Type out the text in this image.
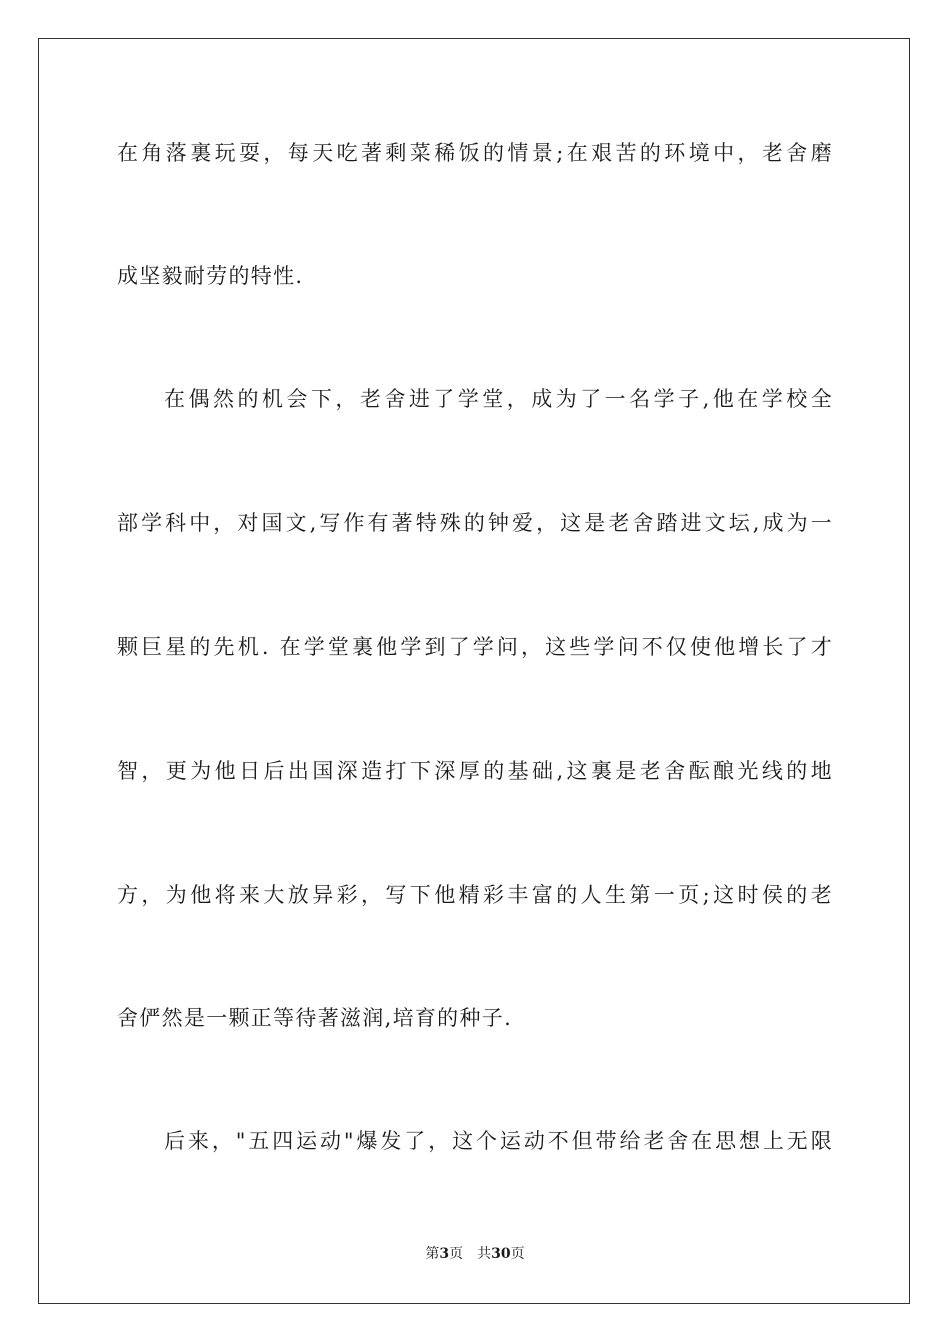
在角落裏玩耍，每天吃著剩菜稀饭的情景;在艰苦的环境中，老舍磨
成坚毅耐劳的特性.
在偶然的机会下，老舍进了学堂，成为了一名学子,他在学校全
部学科中，对国文,写作有著特殊的钟爱，这是老舍踏进文坛,成为一
颗巨星的先机. 在学堂裏他学到了学问，这些学问不仅使他增长了才
智，更为他日后出国深造打下深厚的基础,这裏是老舍酝酿光线的地
方，为他将来大放异彩，写下他精彩丰富的人生第一页;这时侯的老
舍俨然是一颗正等待著滋润,培育的种子.
后来，"五四运动"爆发了，这个运动不但带给老舍在思想上无限
第3页 共30页
